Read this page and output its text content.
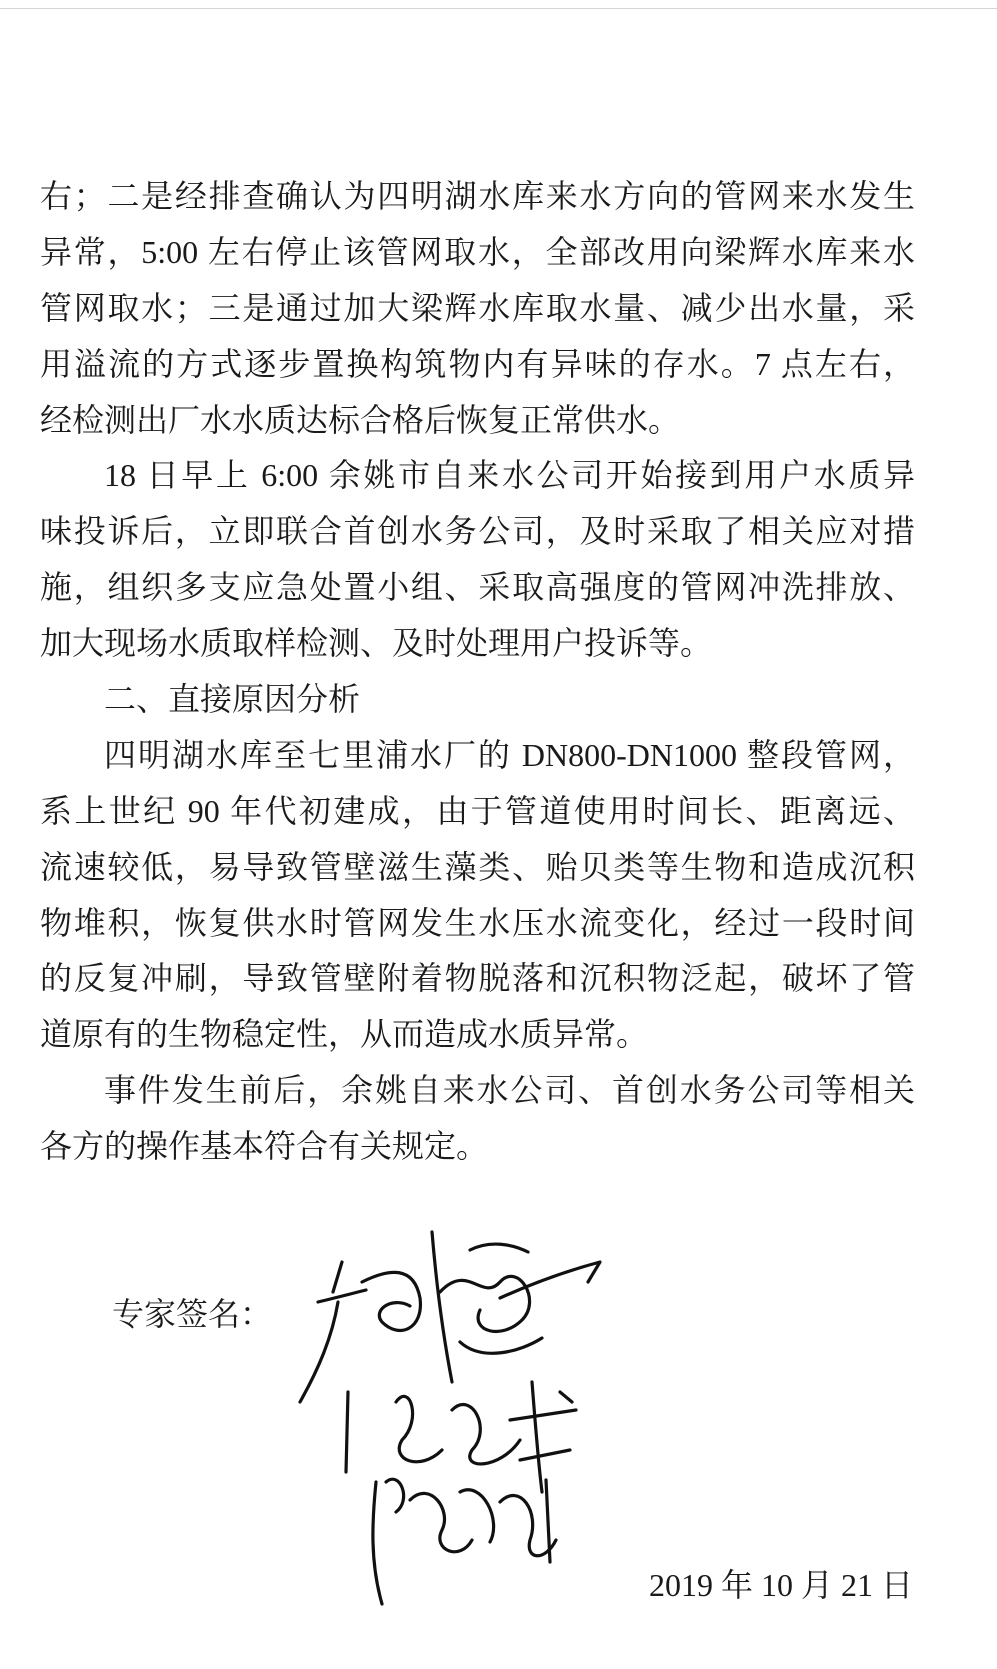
右；二是经排查确认为四明湖水库来水方向的管网来水发生
异常，5:00 左右停止该管网取水，全部改用向梁辉水库来水
管网取水；三是通过加大梁辉水库取水量、减少出水量，采
用溢流的方式逐步置换构筑物内有异味的存水。7 点左右，
经检测出厂水水质达标合格后恢复正常供水。
18 日早上 6:00 余姚市自来水公司开始接到用户水质异
味投诉后，立即联合首创水务公司，及时采取了相关应对措
施，组织多支应急处置小组、采取高强度的管网冲洗排放、
加大现场水质取样检测、及时处理用户投诉等。
二、直接原因分析
四明湖水库至七里浦水厂的 DN800-DN1000 整段管网，
系上世纪 90 年代初建成，由于管道使用时间长、距离远、
流速较低，易导致管壁滋生藻类、贻贝类等生物和造成沉积
物堆积，恢复供水时管网发生水压水流变化，经过一段时间
的反复冲刷，导致管壁附着物脱落和沉积物泛起，破坏了管
道原有的生物稳定性，从而造成水质异常。
事件发生前后，余姚自来水公司、首创水务公司等相关
各方的操作基本符合有关规定。
专家签名：
2019 年 10 月 21 日
